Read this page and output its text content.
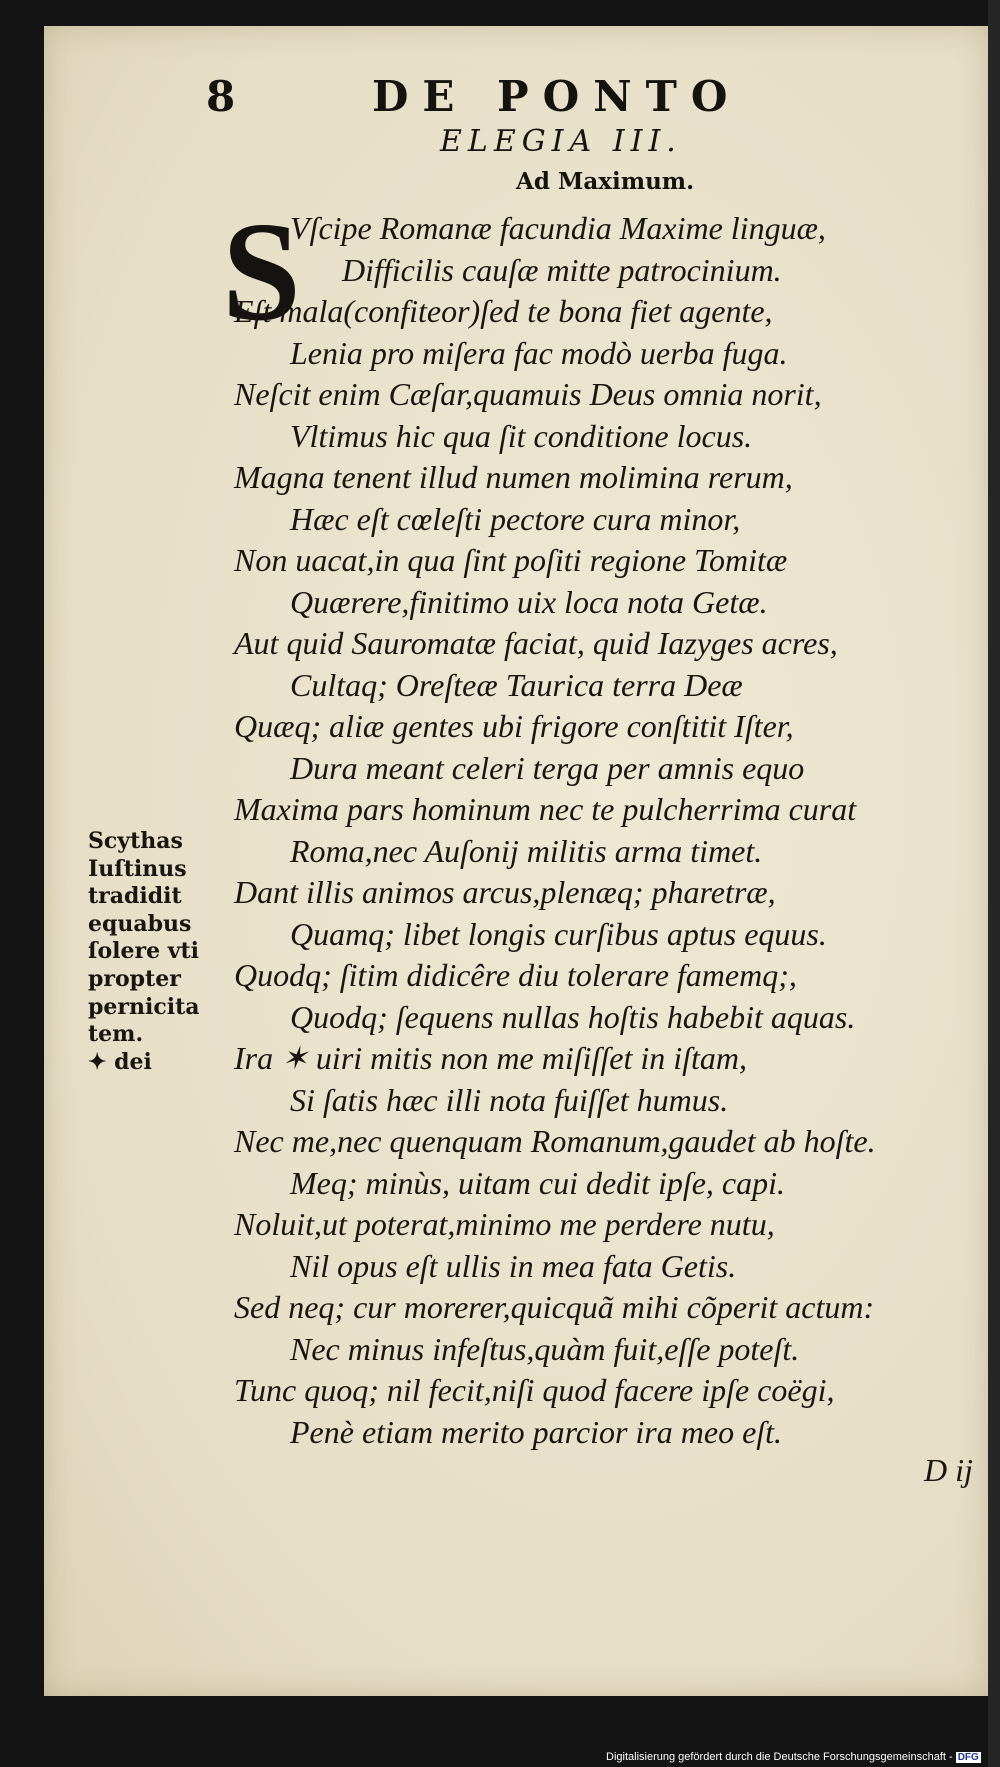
8	DE PONTO
ELEGIA III.
Ad Maximum.
S

Vſcipe Romanæ facundia Maxime linguæ,

Difficilis cauſæ mitte patrocinium.

Eſt mala(confiteor)ſed te bona fiet agente,

Lenia pro miſera fac modò uerba fuga.

Neſcit enim Cæſar,quamuis Deus omnia norit,

Vltimus hic qua ſit conditione locus.

Magna tenent illud numen molimina rerum,

Hæc eſt cœleſti pectore cura minor,

Non uacat,in qua ſint poſiti regione Tomitæ

Quærere,finitimo uix loca nota Getæ.

Aut quid Sauromatæ faciat, quid Iazyges acres,

Cultaq; Oreſteæ Taurica terra Deæ

Quæq; aliæ gentes ubi frigore conſtitit Iſter,

Dura meant celeri terga per amnis equo

Maxima pars hominum nec te pulcherrima curat

Roma,nec Auſonij militis arma timet.

Dant illis animos arcus,plenæq; pharetræ,

Quamq; libet longis curſibus aptus equus.

Quodq; ſitim didicêre diu tolerare famemq;,

Quodq; ſequens nullas hoſtis habebit aquas.

Ira ✶ uiri mitis non me miſiſſet in iſtam,

Si ſatis hæc illi nota fuiſſet humus.

Nec me,nec quenquam Romanum,gaudet ab hoſte.

Meq; minùs, uitam cui dedit ipſe, capi.

Noluit,ut poterat,minimo me perdere nutu,

Nil opus eſt ullis in mea fata Getis.

Sed neq; cur morerer,quicquã mihi cõperit actum:

Nec minus infeſtus,quàm fuit,eſſe poteſt.

Tunc quoq; nil fecit,niſi quod facere ipſe coëgi,

Penè etiam merito parcior ira meo eſt.

Scythas
Iuſtinus
tradidit
equabus
ſolere vti
propter
pernicita
tem.
✦ dei
D ij
Digitalisierung gefördert durch die Deutsche Forschungsgemeinschaft - DFG
